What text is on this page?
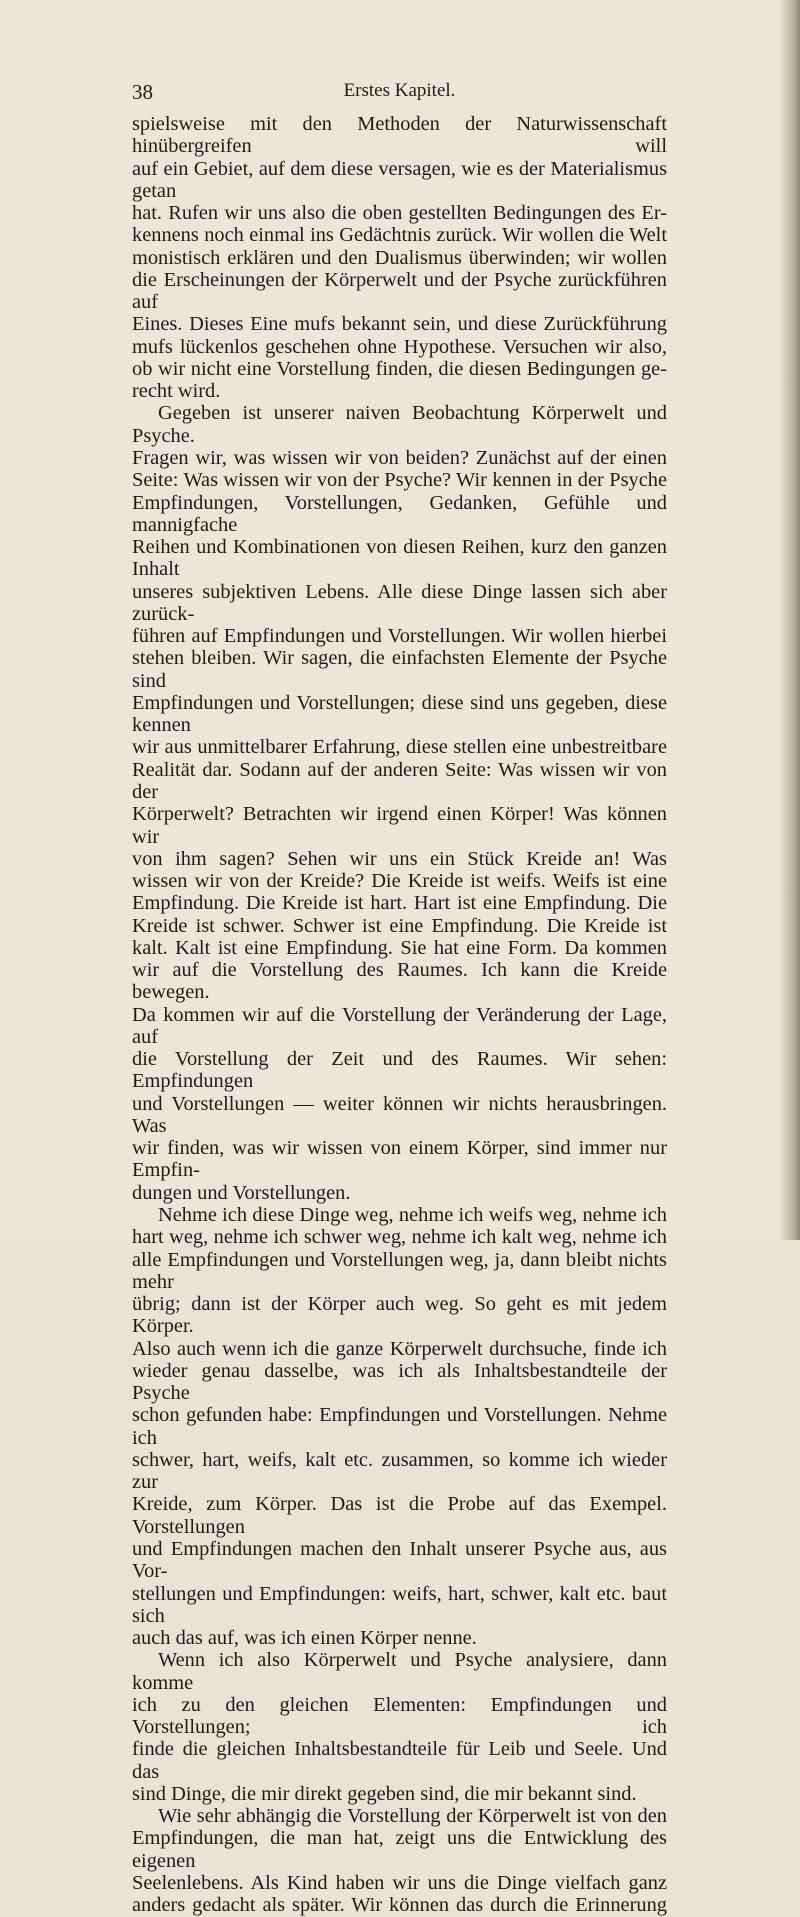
38	Erstes Kapitel.

spielsweise mit den Methoden der Naturwissenschaft hinübergreifen will
auf ein Gebiet, auf dem diese versagen, wie es der Materialismus getan
hat. Rufen wir uns also die oben gestellten Bedingungen des Er-
kennens noch einmal ins Gedächtnis zurück. Wir wollen die Welt
monistisch erklären und den Dualismus überwinden; wir wollen
die Erscheinungen der Körperwelt und der Psyche zurückführen auf
Eines. Dieses Eine mufs bekannt sein, und diese Zurückführung
mufs lückenlos geschehen ohne Hypothese. Versuchen wir also,
ob wir nicht eine Vorstellung finden, die diesen Bedingungen ge-
recht wird.

Gegeben ist unserer naiven Beobachtung Körperwelt und Psyche.
Fragen wir, was wissen wir von beiden? Zunächst auf der einen
Seite: Was wissen wir von der Psyche? Wir kennen in der Psyche
Empfindungen, Vorstellungen, Gedanken, Gefühle und mannigfache
Reihen und Kombinationen von diesen Reihen, kurz den ganzen Inhalt
unseres subjektiven Lebens. Alle diese Dinge lassen sich aber zurück-
führen auf Empfindungen und Vorstellungen. Wir wollen hierbei
stehen bleiben. Wir sagen, die einfachsten Elemente der Psyche sind
Empfindungen und Vorstellungen; diese sind uns gegeben, diese kennen
wir aus unmittelbarer Erfahrung, diese stellen eine unbestreitbare
Realität dar. Sodann auf der anderen Seite: Was wissen wir von der
Körperwelt? Betrachten wir irgend einen Körper! Was können wir
von ihm sagen? Sehen wir uns ein Stück Kreide an! Was
wissen wir von der Kreide? Die Kreide ist weifs. Weifs ist eine
Empfindung. Die Kreide ist hart. Hart ist eine Empfindung. Die
Kreide ist schwer. Schwer ist eine Empfindung. Die Kreide ist
kalt. Kalt ist eine Empfindung. Sie hat eine Form. Da kommen
wir auf die Vorstellung des Raumes. Ich kann die Kreide bewegen.
Da kommen wir auf die Vorstellung der Veränderung der Lage, auf
die Vorstellung der Zeit und des Raumes. Wir sehen: Empfindungen
und Vorstellungen — weiter können wir nichts herausbringen. Was
wir finden, was wir wissen von einem Körper, sind immer nur Empfin-
dungen und Vorstellungen.

Nehme ich diese Dinge weg, nehme ich weifs weg, nehme ich
hart weg, nehme ich schwer weg, nehme ich kalt weg, nehme ich
alle Empfindungen und Vorstellungen weg, ja, dann bleibt nichts mehr
übrig; dann ist der Körper auch weg. So geht es mit jedem Körper.
Also auch wenn ich die ganze Körperwelt durchsuche, finde ich
wieder genau dasselbe, was ich als Inhaltsbestandteile der Psyche
schon gefunden habe: Empfindungen und Vorstellungen. Nehme ich
schwer, hart, weifs, kalt etc. zusammen, so komme ich wieder zur
Kreide, zum Körper. Das ist die Probe auf das Exempel. Vorstellungen
und Empfindungen machen den Inhalt unserer Psyche aus, aus Vor-
stellungen und Empfindungen: weifs, hart, schwer, kalt etc. baut sich
auch das auf, was ich einen Körper nenne.

Wenn ich also Körperwelt und Psyche analysiere, dann komme
ich zu den gleichen Elementen: Empfindungen und Vorstellungen; ich
finde die gleichen Inhaltsbestandteile für Leib und Seele. Und das
sind Dinge, die mir direkt gegeben sind, die mir bekannt sind.

Wie sehr abhängig die Vorstellung der Körperwelt ist von den
Empfindungen, die man hat, zeigt uns die Entwicklung des eigenen
Seelenlebens. Als Kind haben wir uns die Dinge vielfach ganz
anders gedacht als später. Wir können das durch die Erinnerung
